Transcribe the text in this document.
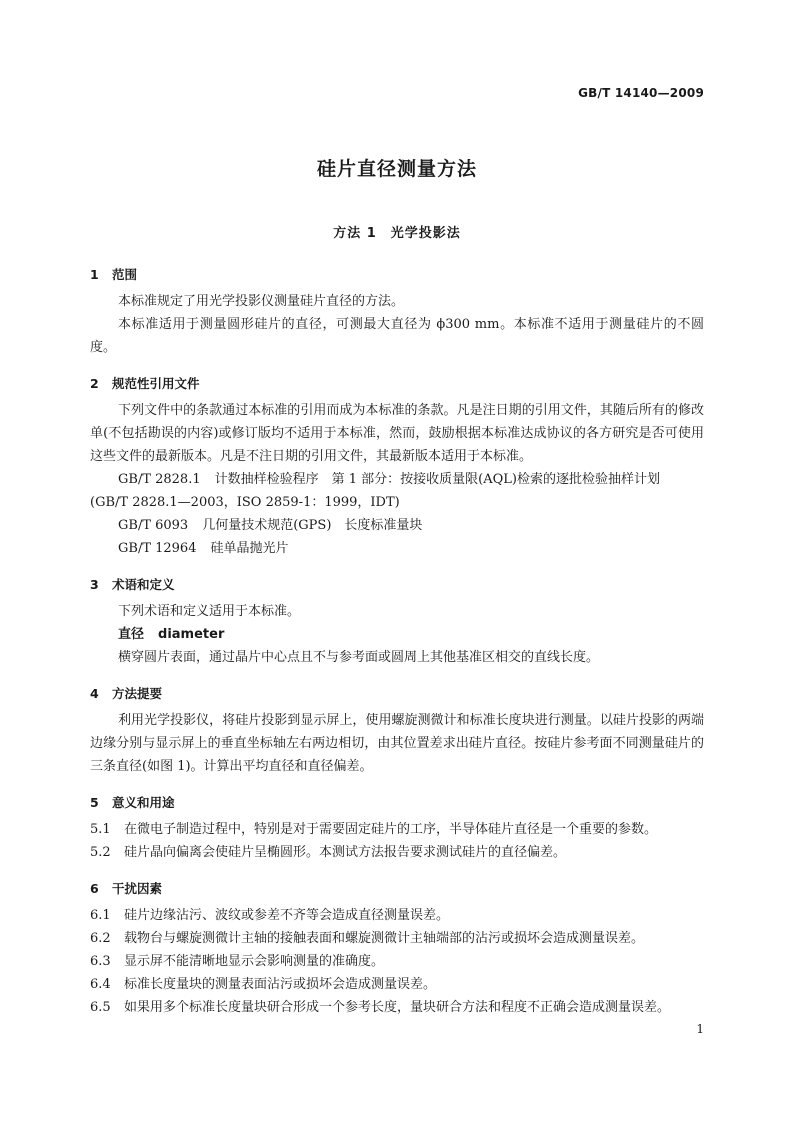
GB/T 14140—2009
硅片直径测量方法
方法 1　光学投影法
1 范围

本标准规定了用光学投影仪测量硅片直径的方法。

本标准适用于测量圆形硅片的直径，可测最大直径为 ϕ300 mm。本标准不适用于测量硅片的不圆度。

2 规范性引用文件

下列文件中的条款通过本标准的引用而成为本标准的条款。凡是注日期的引用文件，其随后所有的修改单(不包括勘误的内容)或修订版均不适用于本标准，然而，鼓励根据本标准达成协议的各方研究是否可使用这些文件的最新版本。凡是不注日期的引用文件，其最新版本适用于本标准。

GB/T 2828.1 计数抽样检验程序　第 1 部分：按接收质量限(AQL)检索的逐批检验抽样计划

(GB/T 2828.1—2003，ISO 2859-1：1999，IDT)

GB/T 6093 几何量技术规范(GPS)　长度标准量块

GB/T 12964 硅单晶抛光片

3 术语和定义

下列术语和定义适用于本标准。

直径 diameter

横穿圆片表面，通过晶片中心点且不与参考面或圆周上其他基准区相交的直线长度。

4 方法提要

利用光学投影仪，将硅片投影到显示屏上，使用螺旋测微计和标准长度块进行测量。以硅片投影的两端边缘分别与显示屏上的垂直坐标轴左右两边相切，由其位置差求出硅片直径。按硅片参考面不同测量硅片的三条直径(如图 1)。计算出平均直径和直径偏差。

5 意义和用途

5.1 在微电子制造过程中，特别是对于需要固定硅片的工序，半导体硅片直径是一个重要的参数。

5.2 硅片晶向偏离会使硅片呈椭圆形。本测试方法报告要求测试硅片的直径偏差。

6 干扰因素

6.1 硅片边缘沾污、波纹或参差不齐等会造成直径测量误差。

6.2 载物台与螺旋测微计主轴的接触表面和螺旋测微计主轴端部的沾污或损坏会造成测量误差。

6.3 显示屏不能清晰地显示会影响测量的准确度。

6.4 标准长度量块的测量表面沾污或损坏会造成测量误差。

6.5 如果用多个标准长度量块研合形成一个参考长度，量块研合方法和程度不正确会造成测量误差。

1
